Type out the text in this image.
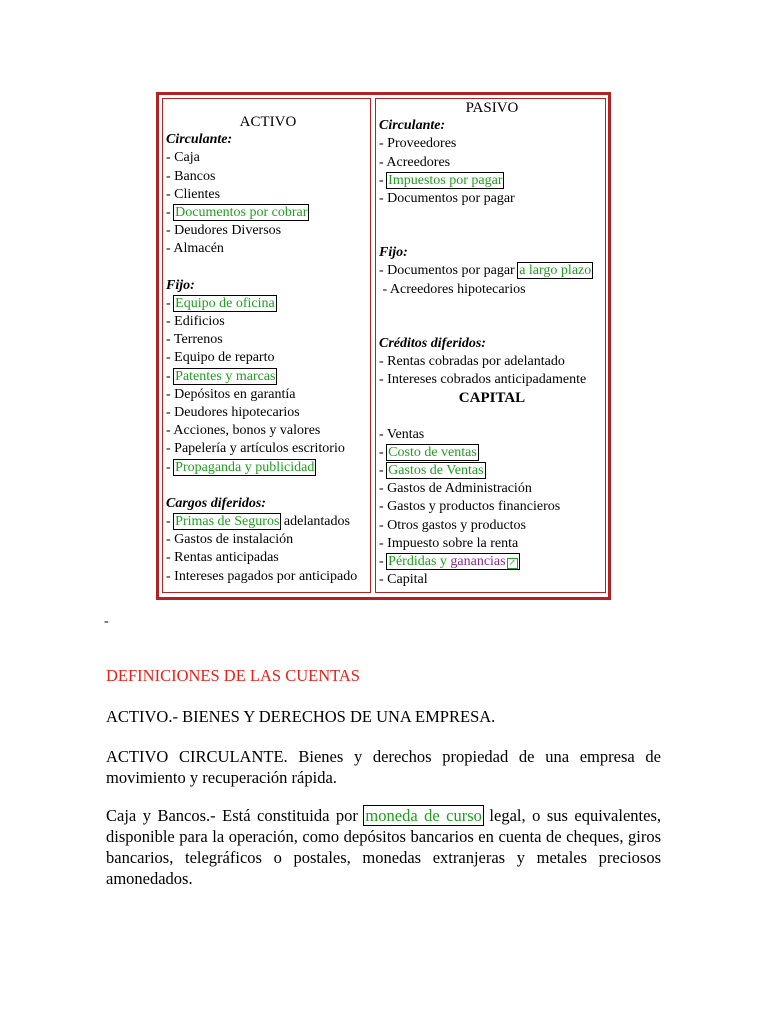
ACTIVO
Circulante:
- Caja
- Bancos
- Clientes
- Documentos por cobrar
- Deudores Diversos
- Almacén
Fijo:
- Equipo de oficina
- Edificios
- Terrenos
- Equipo de reparto
- Patentes y marcas
- Depósitos en garantía
- Deudores hipotecarios
- Acciones, bonos y valores
- Papelería y artículos escritorio
- Propaganda y publicidad
Cargos diferidos:
- Primas de Seguros adelantados
- Gastos de instalación
- Rentas anticipadas
- Intereses pagados por anticipado
PASIVO
Circulante:
- Proveedores
- Acreedores
- Impuestos por pagar
- Documentos por pagar
Fijo:
- Documentos por pagar a largo plazo
- Acreedores hipotecarios
Créditos diferidos:
- Rentas cobradas por adelantado
- Intereses cobrados anticipadamente
CAPITAL
- Ventas
- Costo de ventas
- Gastos de Ventas
- Gastos de Administración
- Gastos y productos financieros
- Otros gastos y productos
- Impuesto sobre la renta
- Pérdidas y ganancias ↗
- Capital
-
DEFINICIONES DE LAS CUENTAS
ACTIVO.- BIENES Y DERECHOS DE UNA EMPRESA.
ACTIVO CIRCULANTE. Bienes y derechos propiedad de una empresa de movimiento y recuperación rápida.
Caja y Bancos.- Está constituida por moneda de curso legal, o sus equivalentes, disponible para la operación, como depósitos bancarios en cuenta de cheques, giros bancarios, telegráficos o postales, monedas extranjeras y metales preciosos amonedados.
